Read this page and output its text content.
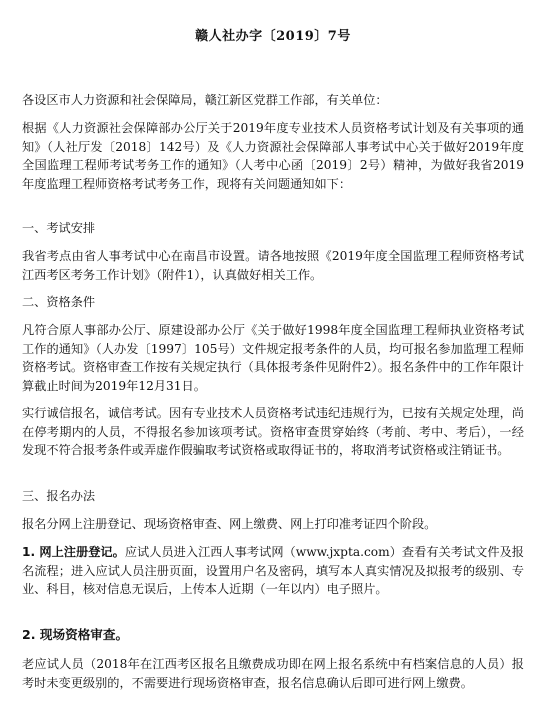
赣人社办字〔2019〕7号

各设区市人力资源和社会保障局，赣江新区党群工作部，有关单位：

根据《人力资源社会保障部办公厅关于2019年度专业技术人员资格考试计划及有关事项的通知》（人社厅发〔2018〕142号）及《人力资源社会保障部人事考试中心关于做好2019年度全国监理工程师考试考务工作的通知》（人考中心函〔2019〕2号）精神，为做好我省2019年度监理工程师资格考试考务工作，现将有关问题通知如下：

一、考试安排

我省考点由省人事考试中心在南昌市设置。请各地按照《2019年度全国监理工程师资格考试江西考区考务工作计划》（附件1），认真做好相关工作。

二、资格条件

凡符合原人事部办公厅、原建设部办公厅《关于做好1998年度全国监理工程师执业资格考试工作的通知》（人办发〔1997〕105号）文件规定报考条件的人员，均可报名参加监理工程师资格考试。资格审查工作按有关规定执行（具体报考条件见附件2）。报名条件中的工作年限计算截止时间为2019年12月31日。

实行诚信报名，诚信考试。因有专业技术人员资格考试违纪违规行为，已按有关规定处理，尚在停考期内的人员，不得报名参加该项考试。资格审查贯穿始终（考前、考中、考后），一经发现不符合报考条件或弄虚作假骗取考试资格或取得证书的，将取消考试资格或注销证书。

三、报名办法

报名分网上注册登记、现场资格审查、网上缴费、网上打印准考证四个阶段。

1. 网上注册登记。应试人员进入江西人事考试网（www.jxpta.com）查看有关考试文件及报名流程；进入应试人员注册页面，设置用户名及密码，填写本人真实情况及拟报考的级别、专业、科目，核对信息无误后，上传本人近期（一年以内）电子照片。

2. 现场资格审查。

老应试人员（2018年在江西考区报名且缴费成功即在网上报名系统中有档案信息的人员）报考时未变更级别的，不需要进行现场资格审查，报名信息确认后即可进行网上缴费。
